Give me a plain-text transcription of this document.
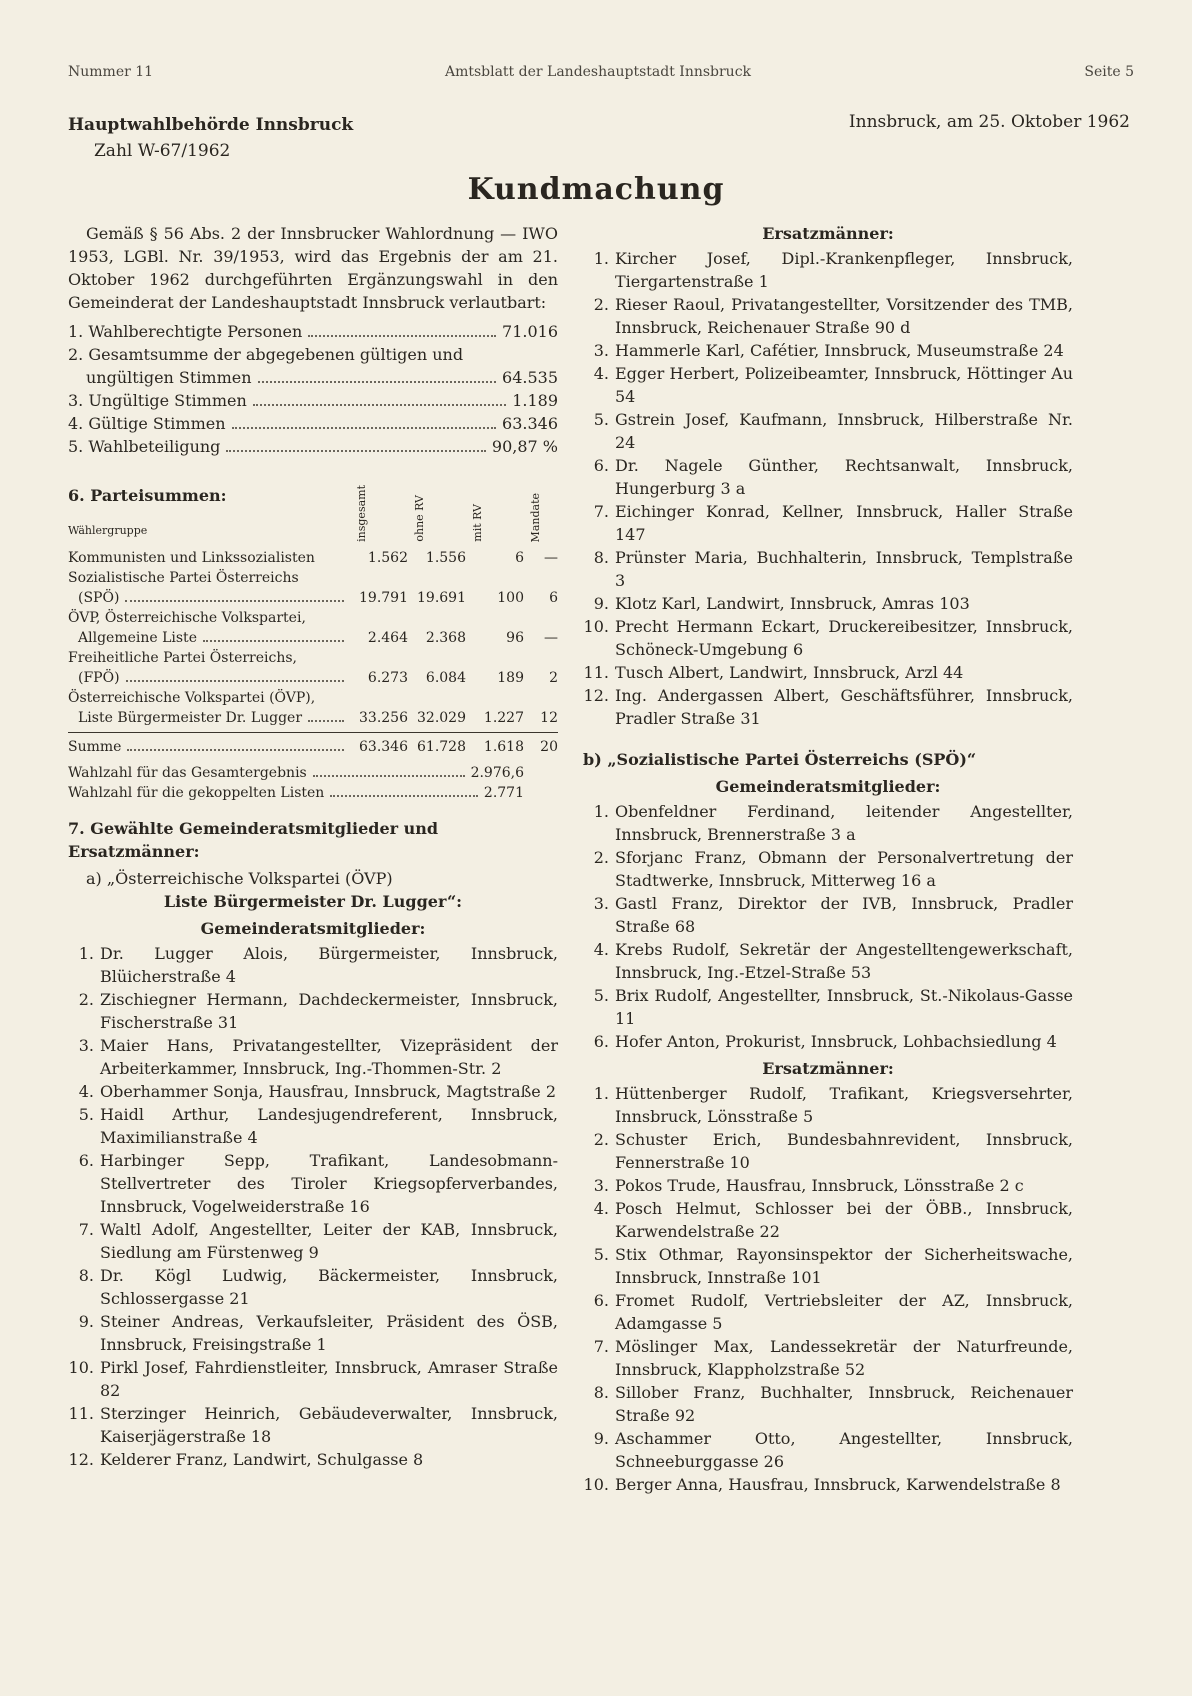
Nummer 11	Amtsblatt der Landeshauptstadt Innsbruck	Seite 5
Hauptwahlbehörde Innsbruck
Zahl W-67/1962
Innsbruck, am 25. Oktober 1962
Kundmachung

Gemäß § 56 Abs. 2 der Innsbrucker Wahlordnung — IWO 1953, LGBl. Nr. 39/1953, wird das Ergebnis der am 21. Oktober 1962 durchgeführten Ergänzungswahl in den Gemeinderat der Landeshauptstadt Innsbruck verlautbart:

1. Wahlberechtigte Personen	71.016
2. Gesamtsumme der abgegebenen gültigen und
ungültigen Stimmen	64.535
3. Ungültige Stimmen	1.189
4. Gültige Stimmen	63.346
5. Wahlbeteiligung	90,87 %
6. Parteisummen:
Wählergruppe	insgesamt	ohne RV	mit RV	Mandate
Kommunisten und Linkssozialisten	1.562	1.556	6	—
Sozialistische Partei Österreichs
(SPÖ)	19.791 19.691	100	6
ÖVP, Österreichische Volkspartei,
Allgemeine Liste	2.464	2.368	96	—
Freiheitliche Partei Österreichs,
(FPÖ)	6.273	6.084	189	2
Österreichische Volkspartei (ÖVP),
Liste Bürgermeister Dr. Lugger	33.256 32.029	1.227	12
Summe	63.346 61.728	1.618	20
Wahlzahl für das Gesamtergebnis	2.976,6
Wahlzahl für die gekoppelten Listen	2.771
7. Gewählte Gemeinderatsmitglieder und Ersatzmänner:
a) „Österreichische Volkspartei (ÖVP)
Liste Bürgermeister Dr. Lugger“:
Gemeinderatsmitglieder:
1. Dr. Lugger Alois, Bürgermeister, Innsbruck, Blüicherstraße 4
2. Zischiegner Hermann, Dachdeckermeister, Innsbruck, Fischerstraße 31
3. Maier Hans, Privatangestellter, Vizepräsident der Arbeiterkammer, Innsbruck, Ing.-Thommen-Str. 2
4. Oberhammer Sonja, Hausfrau, Innsbruck, Magtstraße 2
5. Haidl Arthur, Landesjugendreferent, Innsbruck, Maximilianstraße 4
6. Harbinger Sepp, Trafikant, Landesobmann-Stellvertreter des Tiroler Kriegsopferverbandes, Innsbruck, Vogelweiderstraße 16
7. Waltl Adolf, Angestellter, Leiter der KAB, Innsbruck, Siedlung am Fürstenweg 9
8. Dr. Kögl Ludwig, Bäckermeister, Innsbruck, Schlossergasse 21
9. Steiner Andreas, Verkaufsleiter, Präsident des ÖSB, Innsbruck, Freisingstraße 1
10. Pirkl Josef, Fahrdienstleiter, Innsbruck, Amraser Straße 82
11. Sterzinger Heinrich, Gebäudeverwalter, Innsbruck, Kaiserjägerstraße 18
12. Kelderer Franz, Landwirt, Schulgasse 8
Ersatzmänner:
1. Kircher Josef, Dipl.-Krankenpfleger, Innsbruck, Tiergartenstraße 1
2. Rieser Raoul, Privatangestellter, Vorsitzender des TMB, Innsbruck, Reichenauer Straße 90 d
3. Hammerle Karl, Cafétier, Innsbruck, Museumstraße 24
4. Egger Herbert, Polizeibeamter, Innsbruck, Höttinger Au 54
5. Gstrein Josef, Kaufmann, Innsbruck, Hilberstraße Nr. 24
6. Dr. Nagele Günther, Rechtsanwalt, Innsbruck, Hungerburg 3 a
7. Eichinger Konrad, Kellner, Innsbruck, Haller Straße 147
8. Prünster Maria, Buchhalterin, Innsbruck, Templstraße 3
9. Klotz Karl, Landwirt, Innsbruck, Amras 103
10. Precht Hermann Eckart, Druckereibesitzer, Innsbruck, Schöneck-Umgebung 6
11. Tusch Albert, Landwirt, Innsbruck, Arzl 44
12. Ing. Andergassen Albert, Geschäftsführer, Innsbruck, Pradler Straße 31
b) „Sozialistische Partei Österreichs (SPÖ)“
Gemeinderatsmitglieder:
1. Obenfeldner Ferdinand, leitender Angestellter, Innsbruck, Brennerstraße 3 a
2. Sforjanc Franz, Obmann der Personalvertretung der Stadtwerke, Innsbruck, Mitterweg 16 a
3. Gastl Franz, Direktor der IVB, Innsbruck, Pradler Straße 68
4. Krebs Rudolf, Sekretär der Angestelltengewerkschaft, Innsbruck, Ing.-Etzel-Straße 53
5. Brix Rudolf, Angestellter, Innsbruck, St.-Nikolaus-Gasse 11
6. Hofer Anton, Prokurist, Innsbruck, Lohbachsiedlung 4
Ersatzmänner:
1. Hüttenberger Rudolf, Trafikant, Kriegsversehrter, Innsbruck, Lönsstraße 5
2. Schuster Erich, Bundesbahnrevident, Innsbruck, Fennerstraße 10
3. Pokos Trude, Hausfrau, Innsbruck, Lönsstraße 2 c
4. Posch Helmut, Schlosser bei der ÖBB., Innsbruck, Karwendelstraße 22
5. Stix Othmar, Rayonsinspektor der Sicherheitswache, Innsbruck, Innstraße 101
6. Fromet Rudolf, Vertriebsleiter der AZ, Innsbruck, Adamgasse 5
7. Möslinger Max, Landessekretär der Naturfreunde, Innsbruck, Klappholzstraße 52
8. Sillober Franz, Buchhalter, Innsbruck, Reichenauer Straße 92
9. Aschammer Otto, Angestellter, Innsbruck, Schneeburggasse 26
10. Berger Anna, Hausfrau, Innsbruck, Karwendelstraße 8
